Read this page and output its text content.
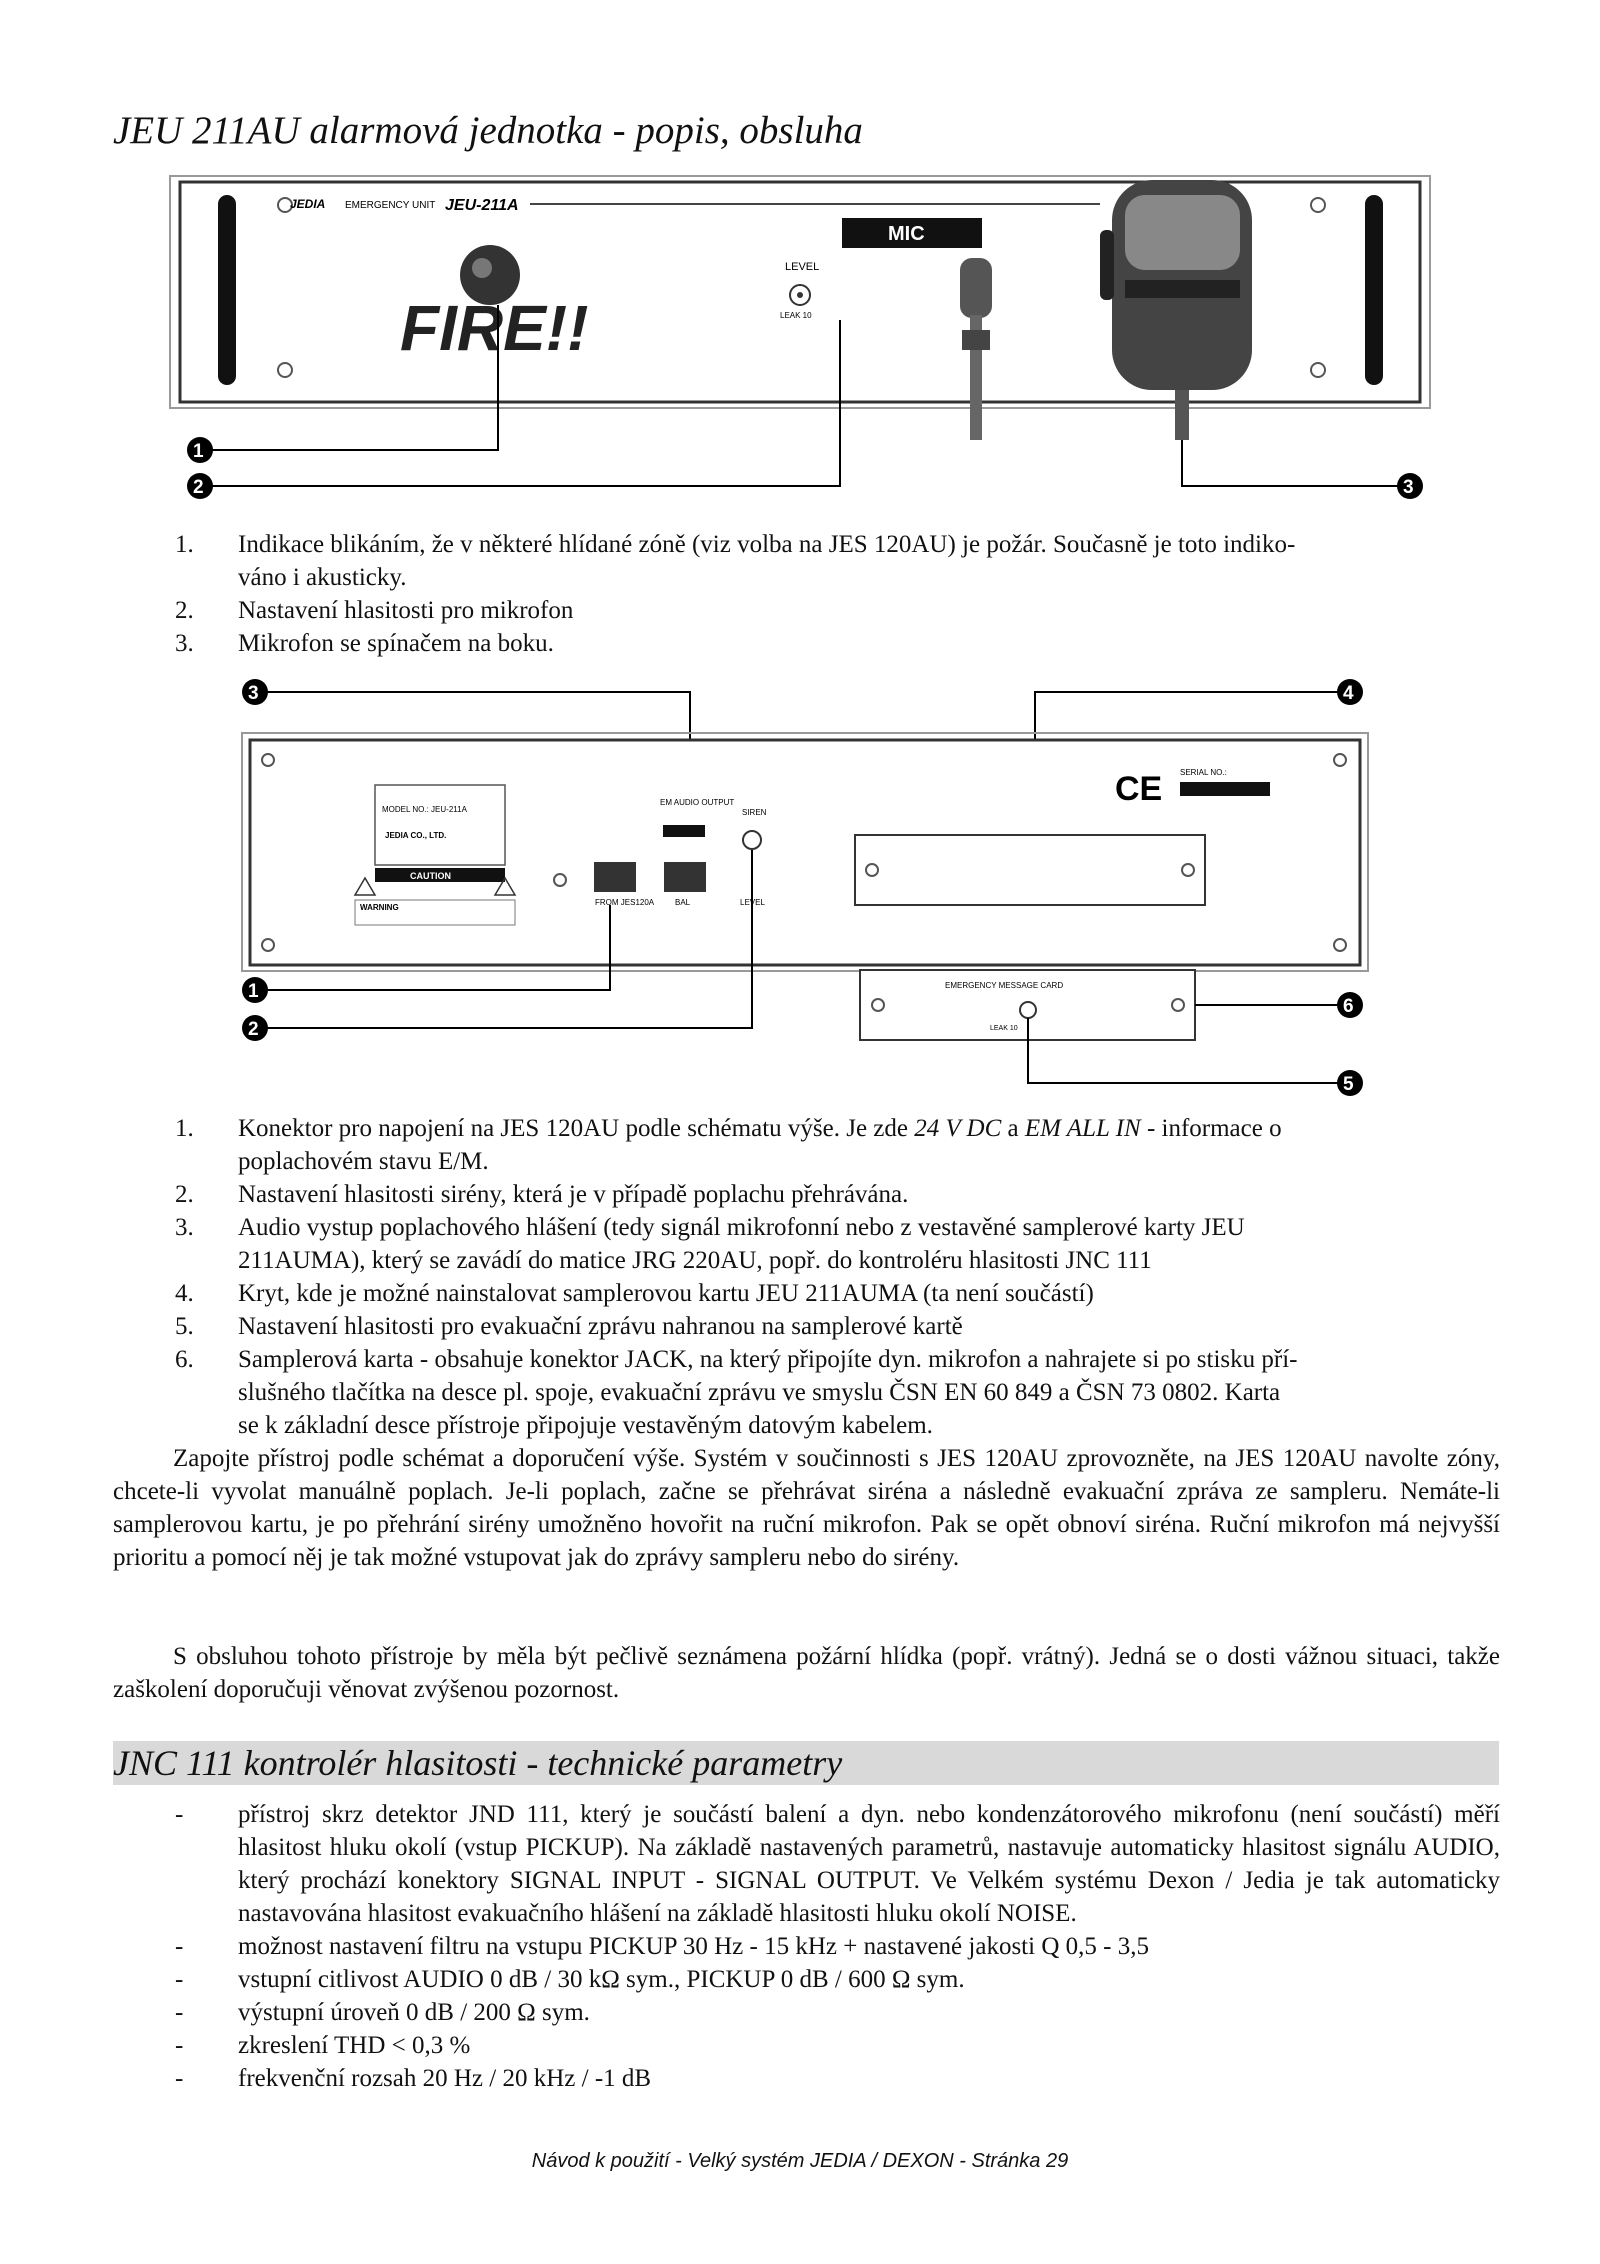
JEU 211AU alarmová jednotka - popis, obsluha
JEDIA EMERGENCY UNIT JEU-211A
FIRE!!
MIC
LEVEL
LEAK 10
1
2	3
1. Indikace blikáním, že v některé hlídané zóně (viz volba na JES 120AU) je požár. Současně je toto indiko-
váno i akusticky.
2. Nastavení hlasitosti pro mikrofon
3. Mikrofon se spínačem na boku.
3	4
MODEL NO.: JEU-211A
JEDIA CO., LTD.
CAUTION
WARNING
FROM JES120A
EM AUDIO OUTPUT
BAL
SIREN
LEVEL
CE SERIAL NO.:
EMERGENCY MESSAGE CARD
LEAK 10
1
2
6
5
1. Konektor pro napojení na JES 120AU podle schématu výše. Je zde 24 V DC a EM ALL IN - informace o
poplachovém stavu E/M.
2. Nastavení hlasitosti sirény, která je v případě poplachu přehrávána.
3. Audio vystup poplachového hlášení (tedy signál mikrofonní nebo z vestavěné samplerové karty JEU
211AUMA), který se zavádí do matice JRG 220AU, popř. do kontroléru hlasitosti JNC 111
4. Kryt, kde je možné nainstalovat samplerovou kartu JEU 211AUMA (ta není součástí)
5. Nastavení hlasitosti pro evakuační zprávu nahranou na samplerové kartě
6. Samplerová karta - obsahuje konektor JACK, na který připojíte dyn. mikrofon a nahrajete si po stisku pří-
slušného tlačítka na desce pl. spoje, evakuační zprávu ve smyslu ČSN EN 60 849 a ČSN 73 0802. Karta
se k základní desce přístroje připojuje vestavěným datovým kabelem.

Zapojte přístroj podle schémat a doporučení výše. Systém v součinnosti s JES 120AU zprovozněte, na JES 120AU navolte zóny, chcete-li vyvolat manuálně poplach. Je-li poplach, začne se přehrávat siréna a následně evakuační zpráva ze sampleru. Nemáte-li samplerovou kartu, je po přehrání sirény umožněno hovořit na ruční mikrofon. Pak se opět obnoví siréna. Ruční mikrofon má nejvyšší prioritu a pomocí něj je tak možné vstupovat jak do zprávy sampleru nebo do sirény.

S obsluhou tohoto přístroje by měla být pečlivě seznámena požární hlídka (popř. vrátný). Jedná se o dosti vážnou situaci, takže zaškolení doporučuji věnovat zvýšenou pozornost.

JNC 111 kontrolér hlasitosti - technické parametry
- přístroj skrz detektor JND 111, který je součástí balení a dyn. nebo kondenzátorového mikrofonu (není součástí) měří hlasitost hluku okolí (vstup PICKUP). Na základě nastavených parametrů, nastavuje automaticky hlasitost signálu AUDIO, který prochází konektory SIGNAL INPUT - SIGNAL OUTPUT. Ve Velkém systému Dexon / Jedia je tak automaticky nastavována hlasitost evakuačního hlášení na základě hlasitosti hluku okolí NOISE.
- možnost nastavení filtru na vstupu PICKUP 30 Hz - 15 kHz + nastavené jakosti Q 0,5 - 3,5
- vstupní citlivost AUDIO 0 dB / 30 kΩ sym., PICKUP 0 dB / 600 Ω sym.
- výstupní úroveň 0 dB / 200 Ω sym.
- zkreslení THD < 0,3 %
- frekvenční rozsah 20 Hz / 20 kHz / -1 dB
Návod k použití - Velký systém JEDIA / DEXON - Stránka 29
